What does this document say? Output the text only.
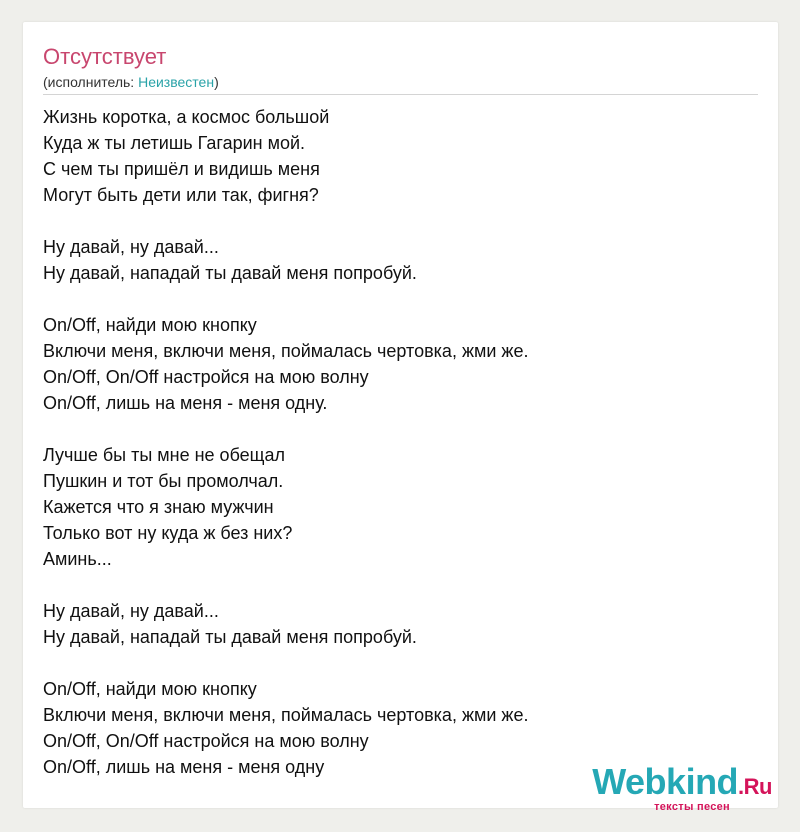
Отсутствует
(исполнитель: Неизвестен)
Жизнь коротка, а космос большой
Куда ж ты летишь Гагарин мой.
С чем ты пришёл и видишь меня
Могут быть дети или так, фигня?
Ну давай, ну давай...
Ну давай, нападай ты давай меня попробуй.
On/Off, найди мою кнопку
Включи меня, включи меня, поймалась чертовка, жми же.
On/Off, On/Off настройся на мою волну
On/Off, лишь на меня - меня одну.
Лучше бы ты мне не обещал
Пушкин и тот бы промолчал.
Кажется что я знаю мужчин
Только вот ну куда ж без них?
Аминь...
Ну давай, ну давай...
Ну давай, нападай ты давай меня попробуй.
On/Off, найди мою кнопку
Включи меня, включи меня, поймалась чертовка, жми же.
On/Off, On/Off настройся на мою волну
On/Off, лишь на меня - меня одну	Webkind.Ru
тексты песен
